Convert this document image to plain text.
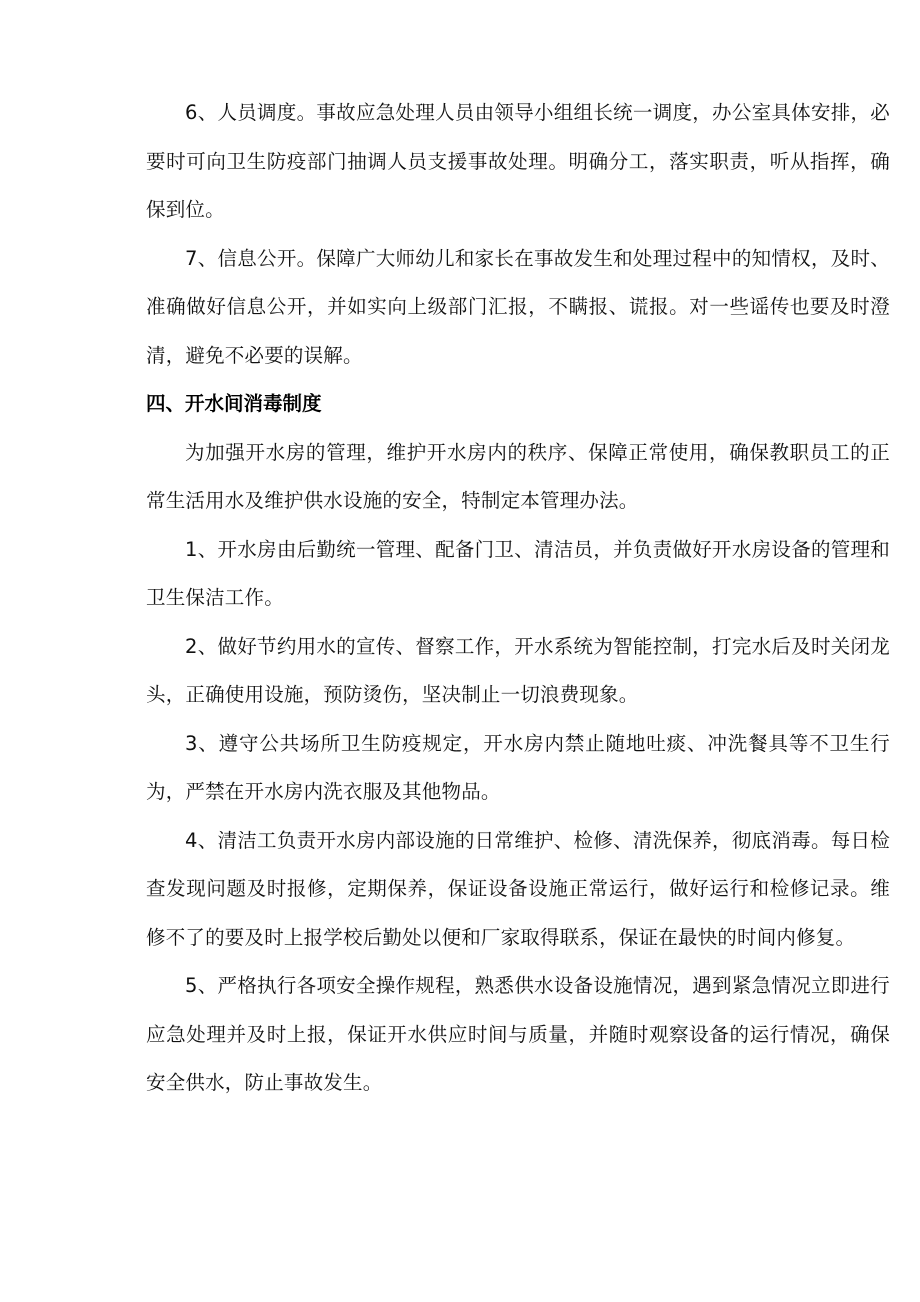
6、人员调度。事故应急处理人员由领导小组组长统一调度，办公室具体安排，必要时可向卫生防疫部门抽调人员支援事故处理。明确分工，落实职责，听从指挥，确保到位。

7、信息公开。保障广大师幼儿和家长在事故发生和处理过程中的知情权，及时、准确做好信息公开，并如实向上级部门汇报，不瞒报、谎报。对一些谣传也要及时澄清，避免不必要的误解。

四、开水间消毒制度

为加强开水房的管理，维护开水房内的秩序、保障正常使用，确保教职员工的正常生活用水及维护供水设施的安全，特制定本管理办法。

1、开水房由后勤统一管理、配备门卫、清洁员，并负责做好开水房设备的管理和卫生保洁工作。

2、做好节约用水的宣传、督察工作，开水系统为智能控制，打完水后及时关闭龙头，正确使用设施，预防烫伤，坚决制止一切浪费现象。

3、遵守公共场所卫生防疫规定，开水房内禁止随地吐痰、冲洗餐具等不卫生行为，严禁在开水房内洗衣服及其他物品。

4、清洁工负责开水房内部设施的日常维护、检修、清洗保养，彻底消毒。每日检查发现问题及时报修，定期保养，保证设备设施正常运行，做好运行和检修记录。维修不了的要及时上报学校后勤处以便和厂家取得联系，保证在最快的时间内修复。

5、严格执行各项安全操作规程，熟悉供水设备设施情况，遇到紧急情况立即进行应急处理并及时上报，保证开水供应时间与质量，并随时观察设备的运行情况，确保安全供水，防止事故发生。
